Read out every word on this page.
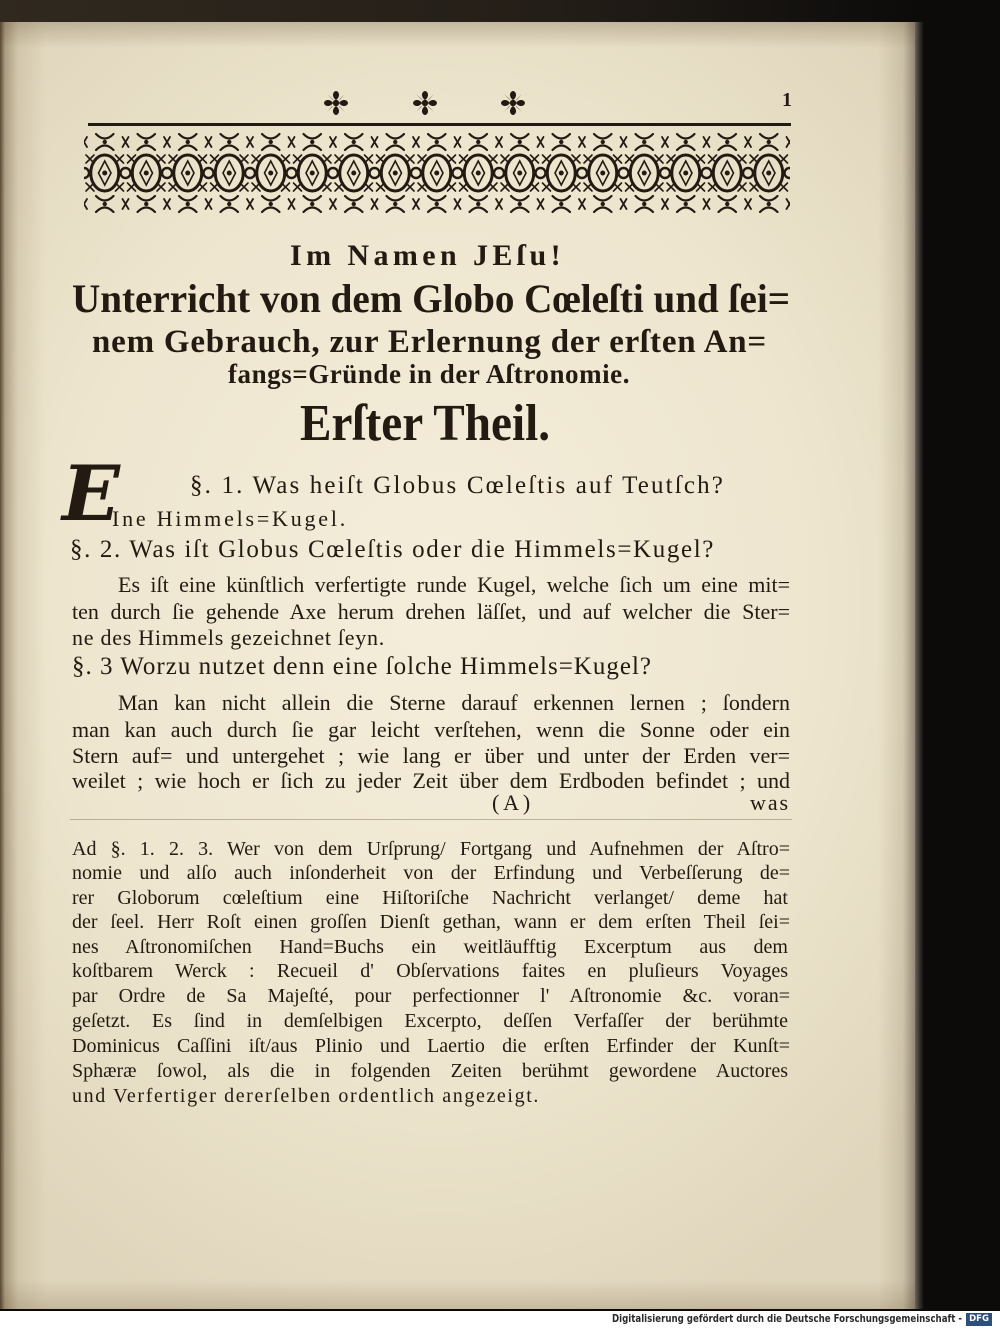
1
Im Namen JEſu!
Unterricht von dem Globo Cœleſti und ſei=
nem Gebrauch, zur Erlernung der erſten An=
fangs=Gründe in der Aſtronomie.
Erſter Theil.
§. 1. Was heiſt Globus Cœleſtis auf Teutſch?
E
Ine Himmels=Kugel.
§. 2. Was iſt Globus Cœleſtis oder die Himmels=Kugel?
Es iſt eine künſtlich verfertigte runde Kugel, welche ſich um eine mit=
ten durch ſie gehende Axe herum drehen läſſet, und auf welcher die Ster=
ne des Himmels gezeichnet ſeyn.
§. 3 Worzu nutzet denn eine ſolche Himmels=Kugel?
Man kan nicht allein die Sterne darauf erkennen lernen ; ſondern
man kan auch durch ſie gar leicht verſtehen, wenn die Sonne oder ein
Stern auf= und untergehet ; wie lang er über und unter der Erden ver=
weilet ; wie hoch er ſich zu jeder Zeit über dem Erdboden befindet ; und
(A)	was
Ad §. 1. 2. 3. Wer von dem Urſprung/ Fortgang und Aufnehmen der Aſtro=
nomie und alſo auch inſonderheit von der Erfindung und Verbeſſerung de=
rer Globorum cœleſtium eine Hiſtoriſche Nachricht verlanget/ deme hat
der ſeel. Herr Roſt einen groſſen Dienſt gethan, wann er dem erſten Theil ſei=
nes Aſtronomiſchen Hand=Buchs ein weitläufftig Excerptum aus dem
koſtbarem Werck : Recueil d' Obſervations faites en pluſieurs Voyages
par Ordre de Sa Majeſté, pour perfectionner l' Aſtronomie &c. voran=
geſetzt. Es ſind in demſelbigen Excerpto, deſſen Verfaſſer der berühmte
Dominicus Caſſini iſt/aus Plinio und Laertio die erſten Erfinder der Kunſt=
Sphæræ ſowol, als die in folgenden Zeiten berühmt gewordene Auctores
und Verfertiger dererſelben ordentlich angezeigt.
Digitalisierung gefördert durch die Deutsche Forschungsgemeinschaft - DFG
